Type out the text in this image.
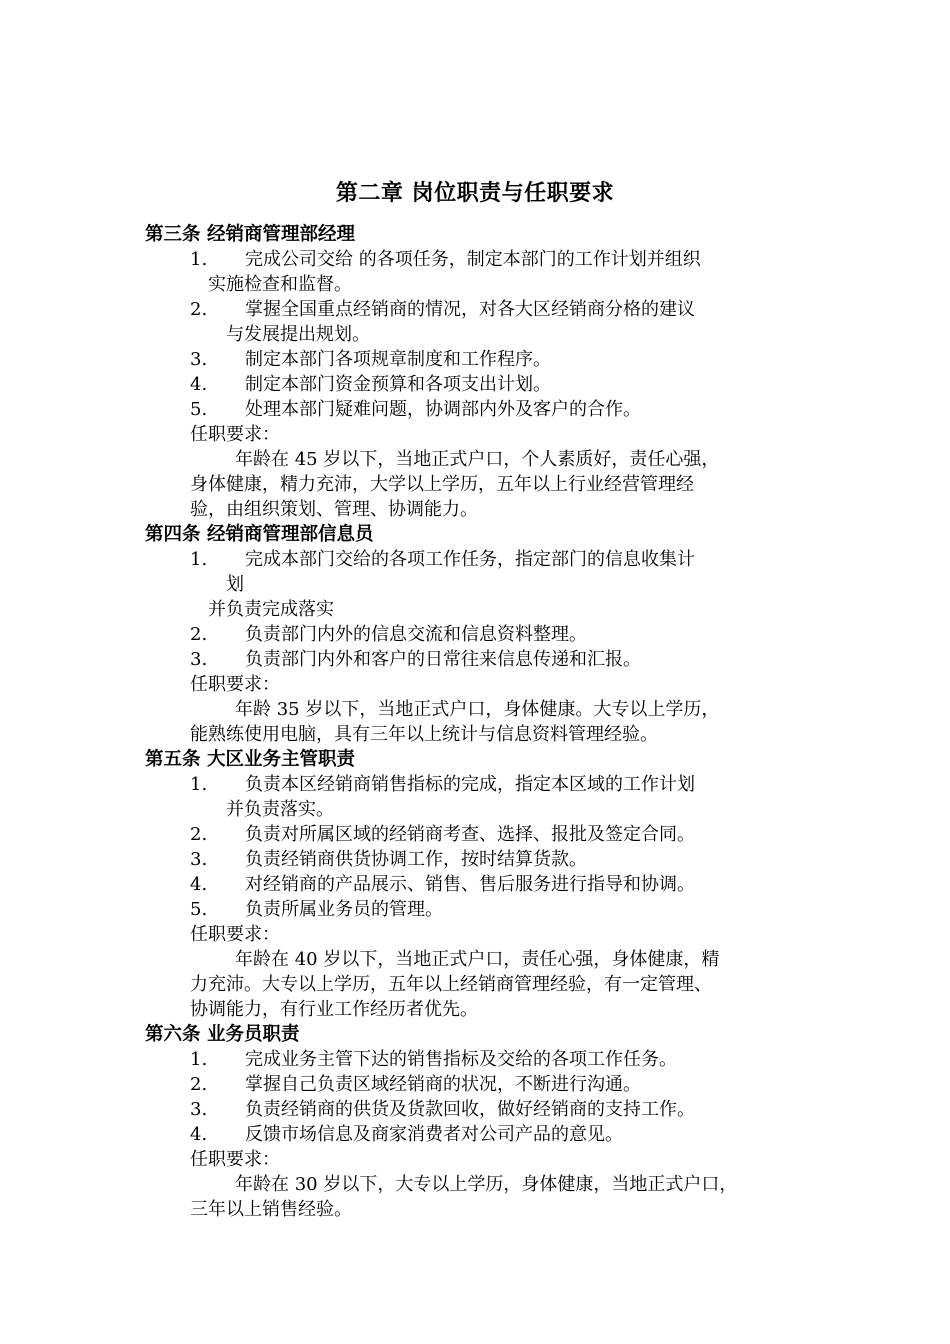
第二章 岗位职责与任职要求
第三条 经销商管理部经理
1. 完成公司交给 的各项任务，制定本部门的工作计划并组织
实施检查和监督。
2. 掌握全国重点经销商的情况，对各大区经销商分格的建议
与发展提出规划。
3. 制定本部门各项规章制度和工作程序。
4. 制定本部门资金预算和各项支出计划。
5. 处理本部门疑难问题，协调部内外及客户的合作。
任职要求：
年龄在 45 岁以下，当地正式户口，个人素质好，责任心强，
身体健康，精力充沛，大学以上学历，五年以上行业经营管理经
验，由组织策划、管理、协调能力。
第四条 经销商管理部信息员
1. 完成本部门交给的各项工作任务，指定部门的信息收集计
划
并负责完成落实
2. 负责部门内外的信息交流和信息资料整理。
3. 负责部门内外和客户的日常往来信息传递和汇报。
任职要求：
年龄 35 岁以下，当地正式户口，身体健康。大专以上学历，
能熟练使用电脑，具有三年以上统计与信息资料管理经验。
第五条 大区业务主管职责
1. 负责本区经销商销售指标的完成，指定本区域的工作计划
并负责落实。
2. 负责对所属区域的经销商考查、选择、报批及签定合同。
3. 负责经销商供货协调工作，按时结算货款。
4. 对经销商的产品展示、销售、售后服务进行指导和协调。
5. 负责所属业务员的管理。
任职要求：
年龄在 40 岁以下，当地正式户口，责任心强，身体健康，精
力充沛。大专以上学历，五年以上经销商管理经验，有一定管理、
协调能力，有行业工作经历者优先。
第六条 业务员职责
1. 完成业务主管下达的销售指标及交给的各项工作任务。
2. 掌握自己负责区域经销商的状况，不断进行沟通。
3. 负责经销商的供货及货款回收，做好经销商的支持工作。
4. 反馈市场信息及商家消费者对公司产品的意见。
任职要求：
年龄在 30 岁以下，大专以上学历，身体健康，当地正式户口，
三年以上销售经验。
